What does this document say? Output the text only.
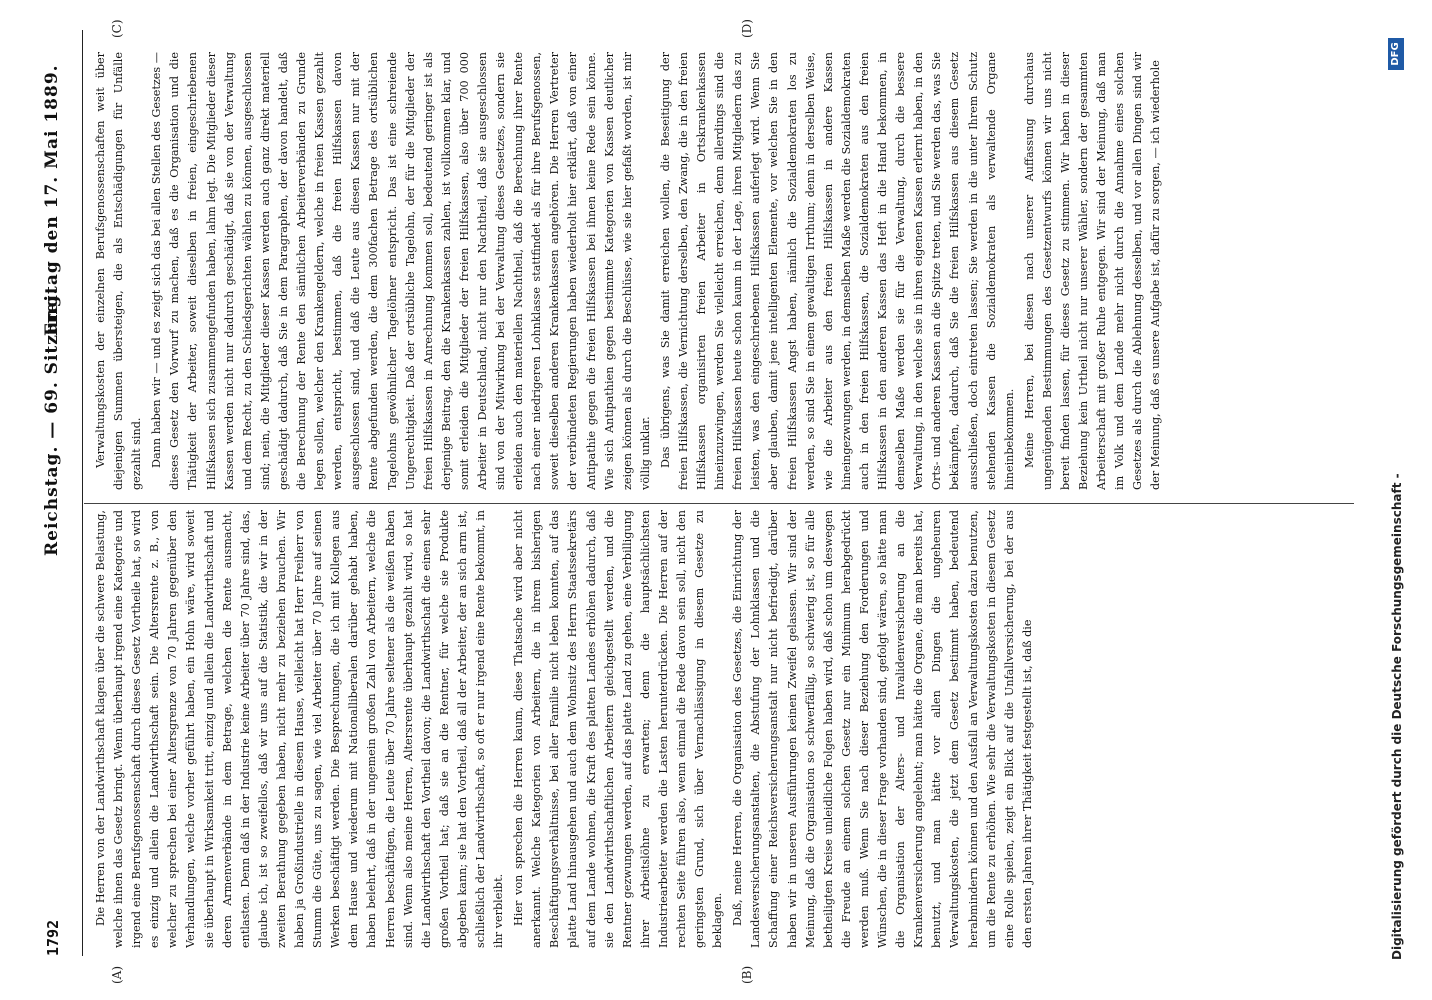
1792
Reichstag. — 69. Sitzung.
Freitag den 17. Mai 1889.
(A)	(B)
(C)	(D)

Die Herren von der Landwirthschaft klagen über die schwere Belastung, welche ihnen das Gesetz bringt. Wenn überhaupt irgend eine Kategorie und irgend eine Berufsgenossenschaft durch dieses Gesetz Vortheile hat, so wird es einzig und allein die Landwirthschaft sein. Die Altersrente z. B., von welcher zu sprechen bei einer Altersgrenze von 70 Jahren gegenüber den Verhandlungen, welche vorher geführt haben, ein Hohn wäre, wird soweit sie überhaupt in Wirksamkeit tritt, einzig und allein die Landwirthschaft und deren Armenverbände in dem Betrage, welchen die Rente ausmacht, entlasten. Denn daß in der Industrie keine Arbeiter über 70 Jahre sind, das, glaube ich, ist so zweifellos, daß wir uns auf die Statistik, die wir in der zweiten Berathung gegeben haben, nicht mehr zu beziehen brauchen. Wir haben ja Großindustrielle in diesem Hause, vielleicht hat Herr Freiherr von Stumm die Güte, uns zu sagen, wie viel Arbeiter über 70 Jahre auf seinen Werken beschäftigt werden. Die Besprechungen, die ich mit Kollegen aus dem Hause und wiederum mit Nationalliberalen darüber gehabt haben, haben belehrt, daß in der ungemein großen Zahl von Arbeitern, welche die Herren beschäftigen, die Leute über 70 Jahre seltener als die weißen Raben sind. Wenn also meine Herren, Altersrente überhaupt gezahlt wird, so hat die Landwirthschaft den Vortheil davon; die Landwirthschaft die einen sehr großen Vortheil hat; daß sie an die Rentner, für welche sie Produkte abgeben kann; sie hat den Vortheil, daß all der Arbeiter, der an sich arm ist, schließlich der Landwirthschaft, so oft er nur irgend eine Rente bekommt, in ihr verbleibt. Hier von sprechen die Herren kaum, diese Thatsache wird aber nicht anerkannt. Welche Kategorien von Arbeitern, die in ihrem bisherigen Beschäftigungsverhältnisse, bei aller Familie nicht leben konnten, auf das platte Land hinausgehen und auch dem Wohnsitz des Herrn Staatssekretärs auf dem Lande wohnen, die Kraft des platten Landes erhöhen dadurch, daß sie den Landwirthschaftlichen Arbeitern gleichgestellt werden, und die Rentner gezwungen werden, auf das platte Land zu gehen, eine Verbilligung ihrer Arbeitslöhne zu erwarten; denn die hauptsächlichsten Industriearbeiter werden die Lasten herunterdrücken. Die Herren auf der rechten Seite führen also, wenn einmal die Rede davon sein soll, nicht den geringsten Grund, sich über Vernachlässigung in diesem Gesetze zu beklagen. Daß, meine Herren, die Organisation des Gesetzes, die Einrichtung der Landesversicherungsanstalten, die Abstufung der Lohnklassen und die Schaffung einer Reichsversicherungsanstalt nur nicht befriedigt, darüber haben wir in unseren Ausführungen keinen Zweifel gelassen. Wir sind der Meinung, daß die Organisation so schwerfällig, so schwierig ist, so für alle betheiligten Kreise unleidliche Folgen haben wird, daß schon um deswegen die Freude an einem solchen Gesetz nur ein Minimum herabgedrückt werden muß. Wenn Sie nach dieser Beziehung den Forderungen und Wünschen, die in dieser Frage vorhanden sind, gefolgt wären, so hätte man die Organisation der Alters- und Invalidenversicherung an die Krankenversicherung angelehnt; man hätte die Organe, die man bereits hat, benutzt, und man hätte vor allen Dingen die ungeheuren Verwaltungskosten, die jetzt dem Gesetz bestimmt haben, bedeutend herabmindern können und den Ausfall an Verwaltungskosten dazu benutzen, um die Rente zu erhöhen. Wie sehr die Verwaltungskosten in diesem Gesetz eine Rolle spielen, zeigt ein Blick auf die Unfallversicherung, bei der aus den ersten Jahren ihrer Thätigkeit festgestellt ist, daß die

Verwaltungskosten der einzelnen Berufsgenossenschaften weit über diejenigen Summen übersteigen, die als Entschädigungen für Unfälle gezahlt sind. Dann haben wir — und es zeigt sich das bei allen Stellen des Gesetzes — dieses Gesetz den Vorwurf zu machen, daß es die Organisation und die Thätigkeit der Arbeiter, soweit dieselben in freien, eingeschriebenen Hilfskassen sich zusammengefunden haben, lahm legt. Die Mitglieder dieser Kassen werden nicht nur dadurch geschädigt, daß sie von der Verwaltung und dem Recht, zu den Schiedsgerichten wählen zu können, ausgeschlossen sind; nein, die Mitglieder dieser Kassen werden auch ganz direkt materiell geschädigt dadurch, daß Sie in dem Paragraphen, der davon handelt, daß die Berechnung der Rente den sämtlichen Arbeiterverbänden zu Grunde legen sollen, welcher den Krankengeldern, welche in freien Kassen gezahlt werden, entspricht, bestimmen, daß die freien Hilfskassen davon ausgeschlossen sind, und daß die Leute aus diesen Kassen nur mit der Rente abgefunden werden, die dem 300fachen Betrage des ortsüblichen Tagelohns gewöhnlicher Tagelöhner entspricht. Das ist eine schreiende Ungerechtigkeit. Daß der ortsübliche Tagelohn, der für die Mitglieder der freien Hilfskassen in Anrechnung kommen soll, bedeutend geringer ist als derjenige Beitrag, den die Krankenkassen zahlen, ist vollkommen klar, und somit erleiden die Mitglieder der freien Hilfskassen, also über 700 000 Arbeiter in Deutschland, nicht nur den Nachtheil, daß sie ausgeschlossen sind von der Mitwirkung bei der Verwaltung dieses Gesetzes, sondern sie erleiden auch den materiellen Nachtheil, daß die Berechnung ihrer Rente nach einer niedrigeren Lohnklasse stattfindet als für ihre Berufsgenossen, soweit dieselben anderen Krankenkassen angehören. Die Herren Vertreter der verbündeten Regierungen haben wiederholt hier erklärt, daß von einer Antipathie gegen die freien Hilfskassen bei ihnen keine Rede sein könne. Wie sich Antipathien gegen bestimmte Kategorien von Kassen deutlicher zeigen können als durch die Beschlüsse, wie sie hier gefaßt worden, ist mir völlig unklar. Das übrigens, was Sie damit erreichen wollen, die Beseitigung der freien Hilfskassen, die Vernichtung derselben, den Zwang, die in den freien Hilfskassen organisirten freien Arbeiter in Ortskrankenkassen hineinzuzwingen, werden Sie vielleicht erreichen, denn allerdings sind die freien Hilfskassen heute schon kaum in der Lage, ihren Mitgliedern das zu leisten, was den eingeschriebenen Hilfskassen auferlegt wird. Wenn Sie aber glauben, damit jene intelligenten Elemente, vor welchen Sie in den freien Hilfskassen Angst haben, nämlich die Sozialdemokraten los zu werden, so sind Sie in einem gewaltigen Irrthum; denn in derselben Weise, wie die Arbeiter aus den freien Hilfskassen in andere Kassen hineingezwungen werden, in demselben Maße werden die Sozialdemokraten auch in den freien Hilfskassen, die Sozialdemokraten aus den freien Hilfskassen in den anderen Kassen das Heft in die Hand bekommen, in demselben Maße werden sie für die Verwaltung, durch die bessere Verwaltung, in den welche sie in ihren eigenen Kassen erlernt haben, in den Orts- und anderen Kassen an die Spitze treten, und Sie werden das, was Sie bekämpfen, dadurch, daß Sie die freien Hilfskassen aus diesem Gesetz ausschließen, doch eintreten lassen; Sie werden in die unter Ihrem Schutz stehenden Kassen die Sozialdemokraten als verwaltende Organe hineinbekommen. Meine Herren, bei diesen nach unserer Auffassung durchaus ungenügenden Bestimmungen des Gesetzentwurfs können wir uns nicht bereit finden lassen, für dieses Gesetz zu stimmen. Wir haben in dieser Beziehung kein Urtheil nicht nur unserer Wähler, sondern der gesammten Arbeiterschaft mit großer Ruhe entgegen. Wir sind der Meinung, daß man im Volk und dem Lande mehr nicht durch die Annahme eines solchen Gesetzes als durch die Ablehnung desselben, und vor allen Dingen sind wir der Meinung, daß es unsere Aufgabe ist, dafür zu sorgen, — ich wiederhole

Digitalisierung gefördert durch die Deutsche Forschungsgemeinschaft -
DFG
